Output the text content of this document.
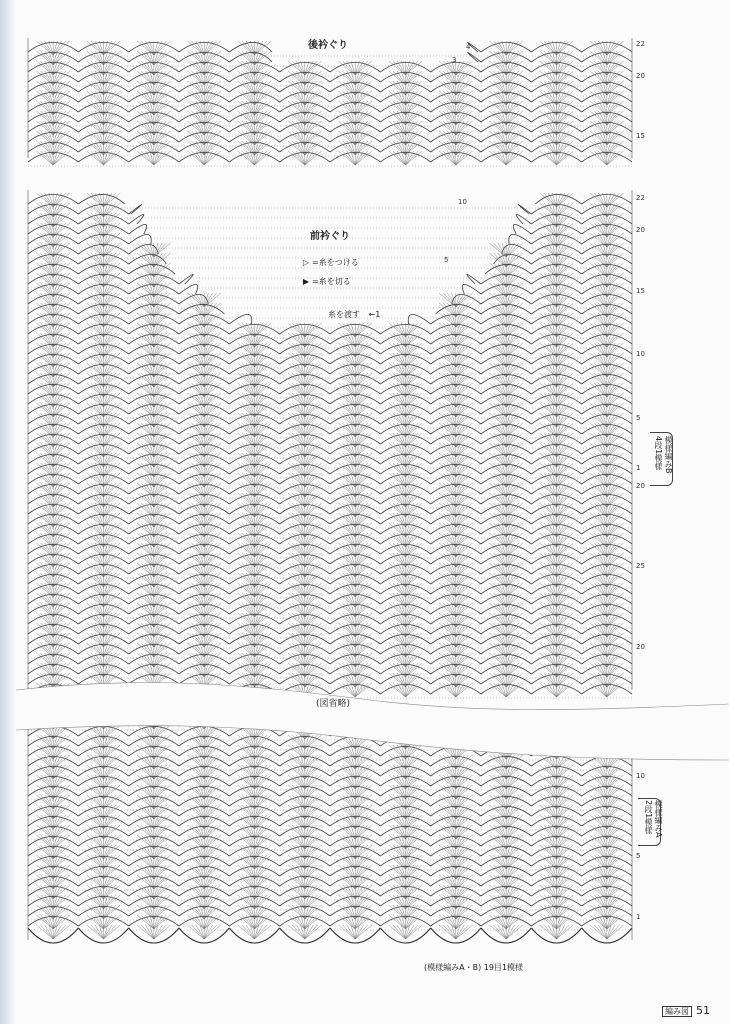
後衿ぐり	22
20
15
4
3
前衿ぐり
▷ =糸をつける
▶ =糸を切る
糸を渡す ←1
22
20
15
10
5
1
20
25
20
10
5
模様編みB
4段1模様
(図省略)
10
5
1
模様編みA
2段1模様
(模様編みA・B) 19目1模様
編み図 51
